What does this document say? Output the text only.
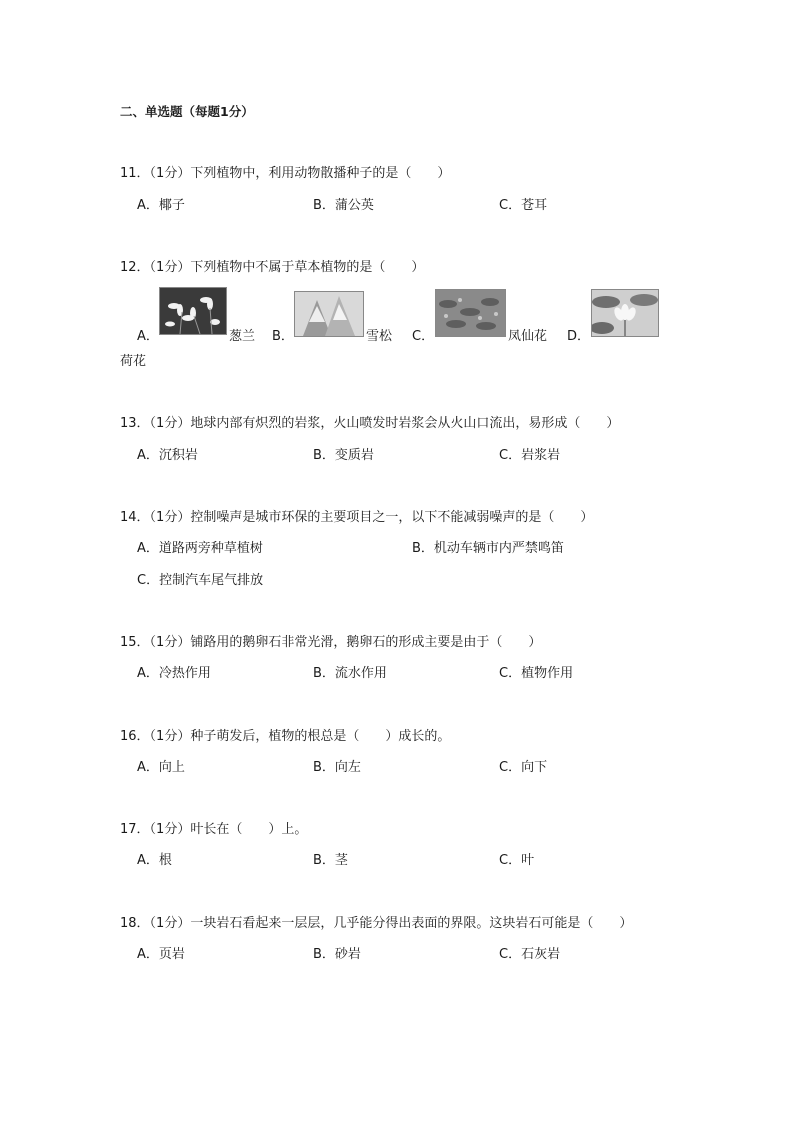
二、单选题（每题1分）
11．（1分）下列植物中，利用动物散播种子的是（　　）
A．椰子	B．蒲公英	C．苍耳
12．（1分）下列植物中不属于草本植物的是（　　）
A．	葱兰 B．	雪松 C．	凤仙花 D．
荷花
13．（1分）地球内部有炽烈的岩浆，火山喷发时岩浆会从火山口流出，易形成（　　）
A．沉积岩	B．变质岩	C．岩浆岩
14．（1分）控制噪声是城市环保的主要项目之一，以下不能减弱噪声的是（　　）
A．道路两旁种草植树	B．机动车辆市内严禁鸣笛
C．控制汽车尾气排放
15．（1分）铺路用的鹅卵石非常光滑，鹅卵石的形成主要是由于（　　）
A．冷热作用	B．流水作用	C．植物作用
16．（1分）种子萌发后，植物的根总是（　　）成长的。
A．向上	B．向左	C．向下
17．（1分）叶长在（　　）上。
A．根	B．茎	C．叶
18．（1分）一块岩石看起来一层层，几乎能分得出表面的界限。这块岩石可能是（　　）
A．页岩	B．砂岩	C．石灰岩
